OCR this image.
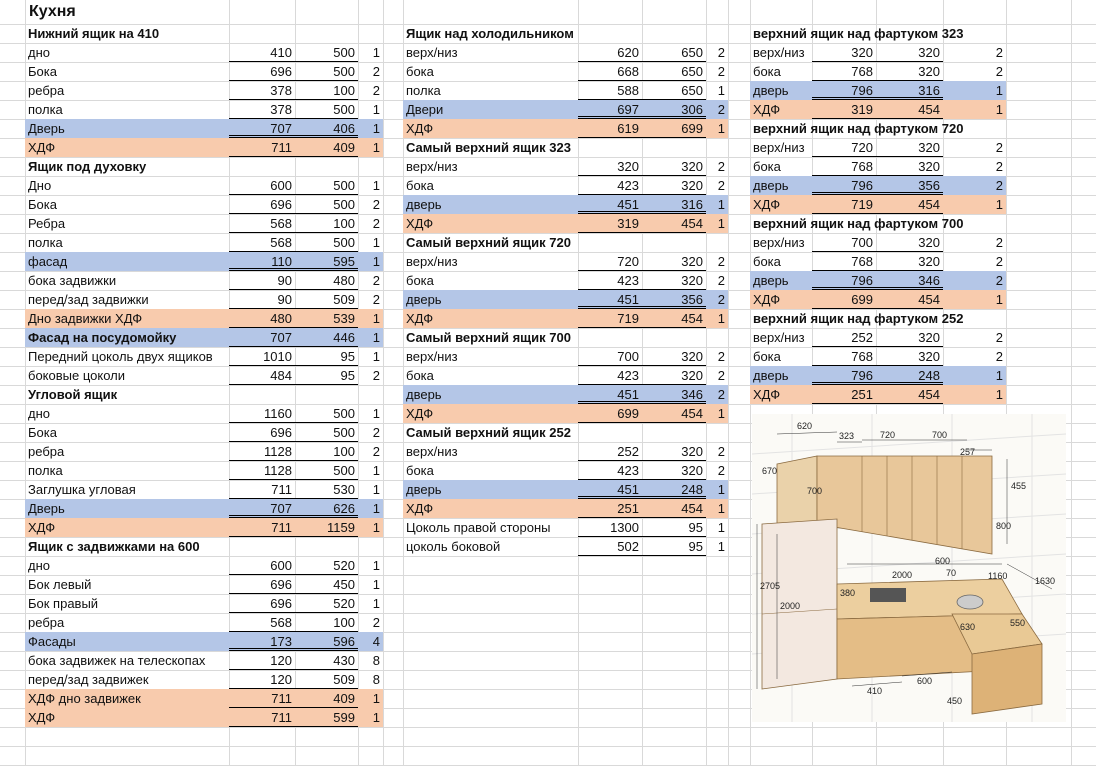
Кухня
Нижний ящик на 410
дно	410	500	1
Бока	696	500	2
ребра	378	100	2
полка	378	500	1
Дверь	707	406	1
ХДФ	711	409	1
Ящик под духовку
Дно	600	500	1
Бока	696	500	2
Ребра	568	100	2
полка	568	500	1
фасад	110	595	1
бока задвижки	90	480	2
перед/зад задвижки	90	509	2
Дно задвижки ХДФ	480	539	1
Фасад на посудомойку	707	446	1
Передний цоколь двух ящиков	1010	95	1
боковые цоколи	484	95	2
Угловой ящик
дно	1160	500	1
Бока	696	500	2
ребра	1128	100	2
полка	1128	500	1
Заглушка угловая	711	530	1
Дверь	707	626	1
ХДФ	711	1159	1
Ящик с задвижками на 600
дно	600	520	1
Бок левый	696	450	1
Бок правый	696	520	1
ребра	568	100	2
Фасады	173	596	4
бока задвижек на телескопах	120	430	8
перед/зад задвижек	120	509	8
ХДФ дно задвижек	711	409	1
ХДФ	711	599	1
Ящик над холодильником
верх/низ	620	650	2
бока	668	650	2
полка	588	650	1
Двери	697	306	2
ХДФ	619	699	1
Самый верхний ящик 323
верх/низ	320	320	2
бока	423	320	2
дверь	451	316	1
ХДФ	319	454	1
Самый верхний ящик 720
верх/низ	720	320	2
бока	423	320	2
дверь	451	356	2
ХДФ	719	454	1
Самый верхний ящик 700
верх/низ	700	320	2
бока	423	320	2
дверь	451	346	2
ХДФ	699	454	1
Самый верхний ящик 252
верх/низ	252	320	2
бока	423	320	2
дверь	451	248	1
ХДФ	251	454	1
Цоколь правой стороны	1300	95	1
цоколь боковой	502	95	1
верхний ящик над фартуком 323
верх/низ	320	320	2
бока	768	320	2
дверь	796	316	1
ХДФ	319	454	1
верхний ящик над фартуком 720
верх/низ	720	320	2
бока	768	320	2
дверь	796	356	2
ХДФ	719	454	1
верхний ящик над фартуком 700
верх/низ	700	320	2
бока	768	320	2
дверь	796	346	2
ХДФ	699	454	1
верхний ящик над фартуком 252
верх/низ	252	320	2
бока	768	320	2
дверь	796	248	1
ХДФ	251	454	1
620
323	720	700
257
670
700	455
800
2705
2000
2000
600
70	1160	1630
380
630	550
410
600
450
